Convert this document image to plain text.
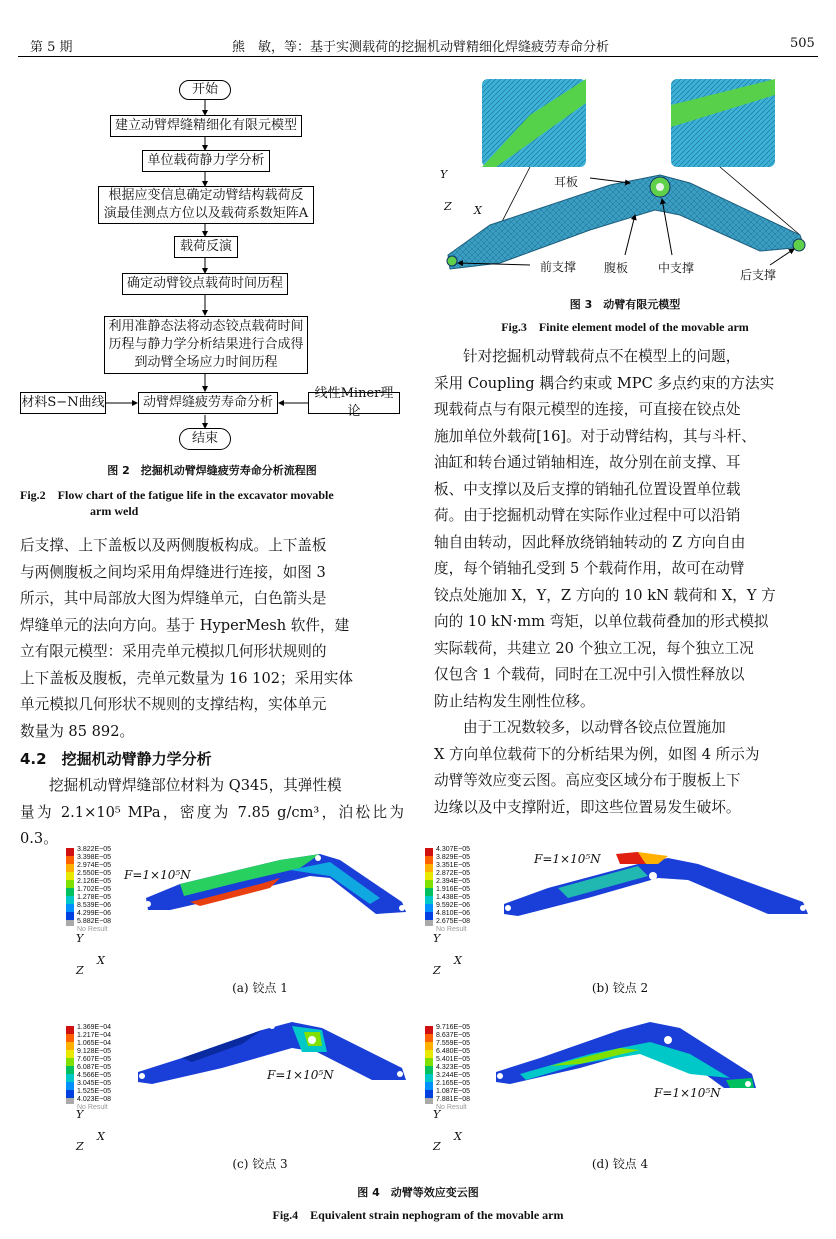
第 5 期	熊　敏，等：基于实测载荷的挖掘机动臂精细化焊缝疲劳寿命分析	505
开始
建立动臂焊缝精细化有限元模型
单位载荷静力学分析
根据应变信息确定动臂结构载荷反
演最佳测点方位以及载荷系数矩阵A
载荷反演
确定动臂铰点载荷时间历程
利用准静态法将动态铰点载荷时间
历程与静力学分析结果进行合成得
到动臂全场应力时间历程
动臂焊缝疲劳寿命分析
材料S−N曲线
线性Miner理论
结束
图 2　挖掘机动臂焊缝疲劳寿命分析流程图
Fig.2　Flow chart of the fatigue life in the excavator movable
arm weld

后支撑、上下盖板以及两侧腹板构成。上下盖板

与两侧腹板之间均采用角焊缝进行连接，如图 3

所示，其中局部放大图为焊缝单元，白色箭头是

焊缝单元的法向方向。基于 HyperMesh 软件，建

立有限元模型：采用壳单元模拟几何形状规则的

上下盖板及腹板，壳单元数量为 16 102；采用实体

单元模拟几何形状不规则的支撑结构，实体单元

数量为 85 892。

4.2　挖掘机动臂静力学分析

挖掘机动臂焊缝部位材料为 Q345，其弹性模

量为 2.1×10⁵ MPa，密度为 7.85 g/cm³，泊松比为 0.3。

耳板
前支撑 腹板 中支撑	后支撑
Y
Z X
图 3　动臂有限元模型
Fig.3　Finite element model of the movable arm

针对挖掘机动臂载荷点不在模型上的问题，

采用 Coupling 耦合约束或 MPC 多点约束的方法实

现载荷点与有限元模型的连接，可直接在铰点处

施加单位外载荷[16]。对于动臂结构，其与斗杆、

油缸和转台通过销轴相连，故分别在前支撑、耳

板、中支撑以及后支撑的销轴孔位置设置单位载

荷。由于挖掘机动臂在实际作业过程中可以沿销

轴自由转动，因此释放绕销轴转动的 Z 方向自由

度，每个销轴孔受到 5 个载荷作用，故可在动臂

铰点处施加 X，Y，Z 方向的 10 kN 载荷和 X，Y 方

向的 10 kN·mm 弯矩，以单位载荷叠加的形式模拟

实际载荷，共建立 20 个独立工况，每个独立工况

仅包含 1 个载荷，同时在工况中引入惯性释放以

防止结构发生刚性位移。

由于工况数较多，以动臂各铰点位置施加

X 方向单位载荷下的分析结果为例，如图 4 所示为

动臂等效应变云图。高应变区域分布于腹板上下

边缘以及中支撑附近，即这些位置易发生破坏。

3.822E−05
3.398E−05
2.974E−05
2.550E−05
2.126E−05
1.702E−05
1.278E−05
8.539E−06
4.299E−06
5.882E−08
No Result
F=1×10⁵N
Y
Z
X
(a) 铰点 1
4.307E−05
3.829E−05
3.351E−05
2.872E−05
2.394E−05
1.916E−05
1.438E−05
9.592E−06
4.810E−06
2.675E−08
No Result
F=1×10⁵N
Y
Z
X
(b) 铰点 2
1.369E−04
1.217E−04
1.065E−04
9.128E−05
7.607E−05
6.087E−05
4.566E−05
3.045E−05
1.525E−05
4.023E−08
No Result
F=1×10⁵N
Y
Z
X
(c) 铰点 3
9.716E−05
8.637E−05
7.559E−05
6.480E−05
5.401E−05
4.323E−05
3.244E−05
2.165E−05
1.087E−05
7.881E−08
No Result
F=1×10⁵N
Y
Z
X
(d) 铰点 4
图 4　动臂等效应变云图
Fig.4　Equivalent strain nephogram of the movable arm
